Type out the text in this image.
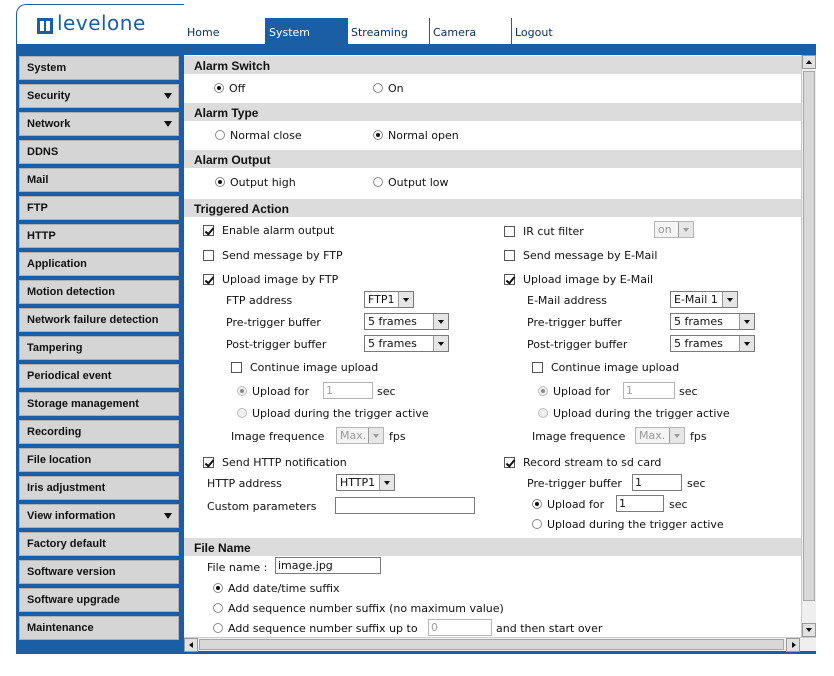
levelone	Home	System	Streaming	Camera	Logout
System
Security
Network
DDNS
Mail
FTP
HTTP
Application
Motion detection
Network failure detection
Tampering
Periodical event
Storage management
Recording
File location
Iris adjustment
View information
Factory default
Software version
Software upgrade
Maintenance
Alarm Switch
Off	On
Alarm Type
Normal close	Normal open
Alarm Output
Output high	Output low
Triggered Action
Enable alarm output	IR cut filter	on
Send message by FTP	Send message by E-Mail
Upload image by FTP
FTP address	FTP1
Pre-trigger buffer	5 frames
Post-trigger buffer	5 frames
Continue image upload
Upload for 1	sec
Upload during the trigger active
Image frequence	Max.	fps
Upload image by E-Mail
E-Mail address	E-Mail 1
Pre-trigger buffer	5 frames
Post-trigger buffer	5 frames
Continue image upload
Upload for 1	sec
Upload during the trigger active
Image frequence	Max.	fps
Send HTTP notification
HTTP address	HTTP1
Custom parameters
Record stream to sd card
Pre-trigger buffer 1	sec
Upload for 1	sec
Upload during the trigger active
File Name
File name : image.jpg
Add date/time suffix
Add sequence number suffix (no maximum value)
Add sequence number suffix up to 0	and then start over
